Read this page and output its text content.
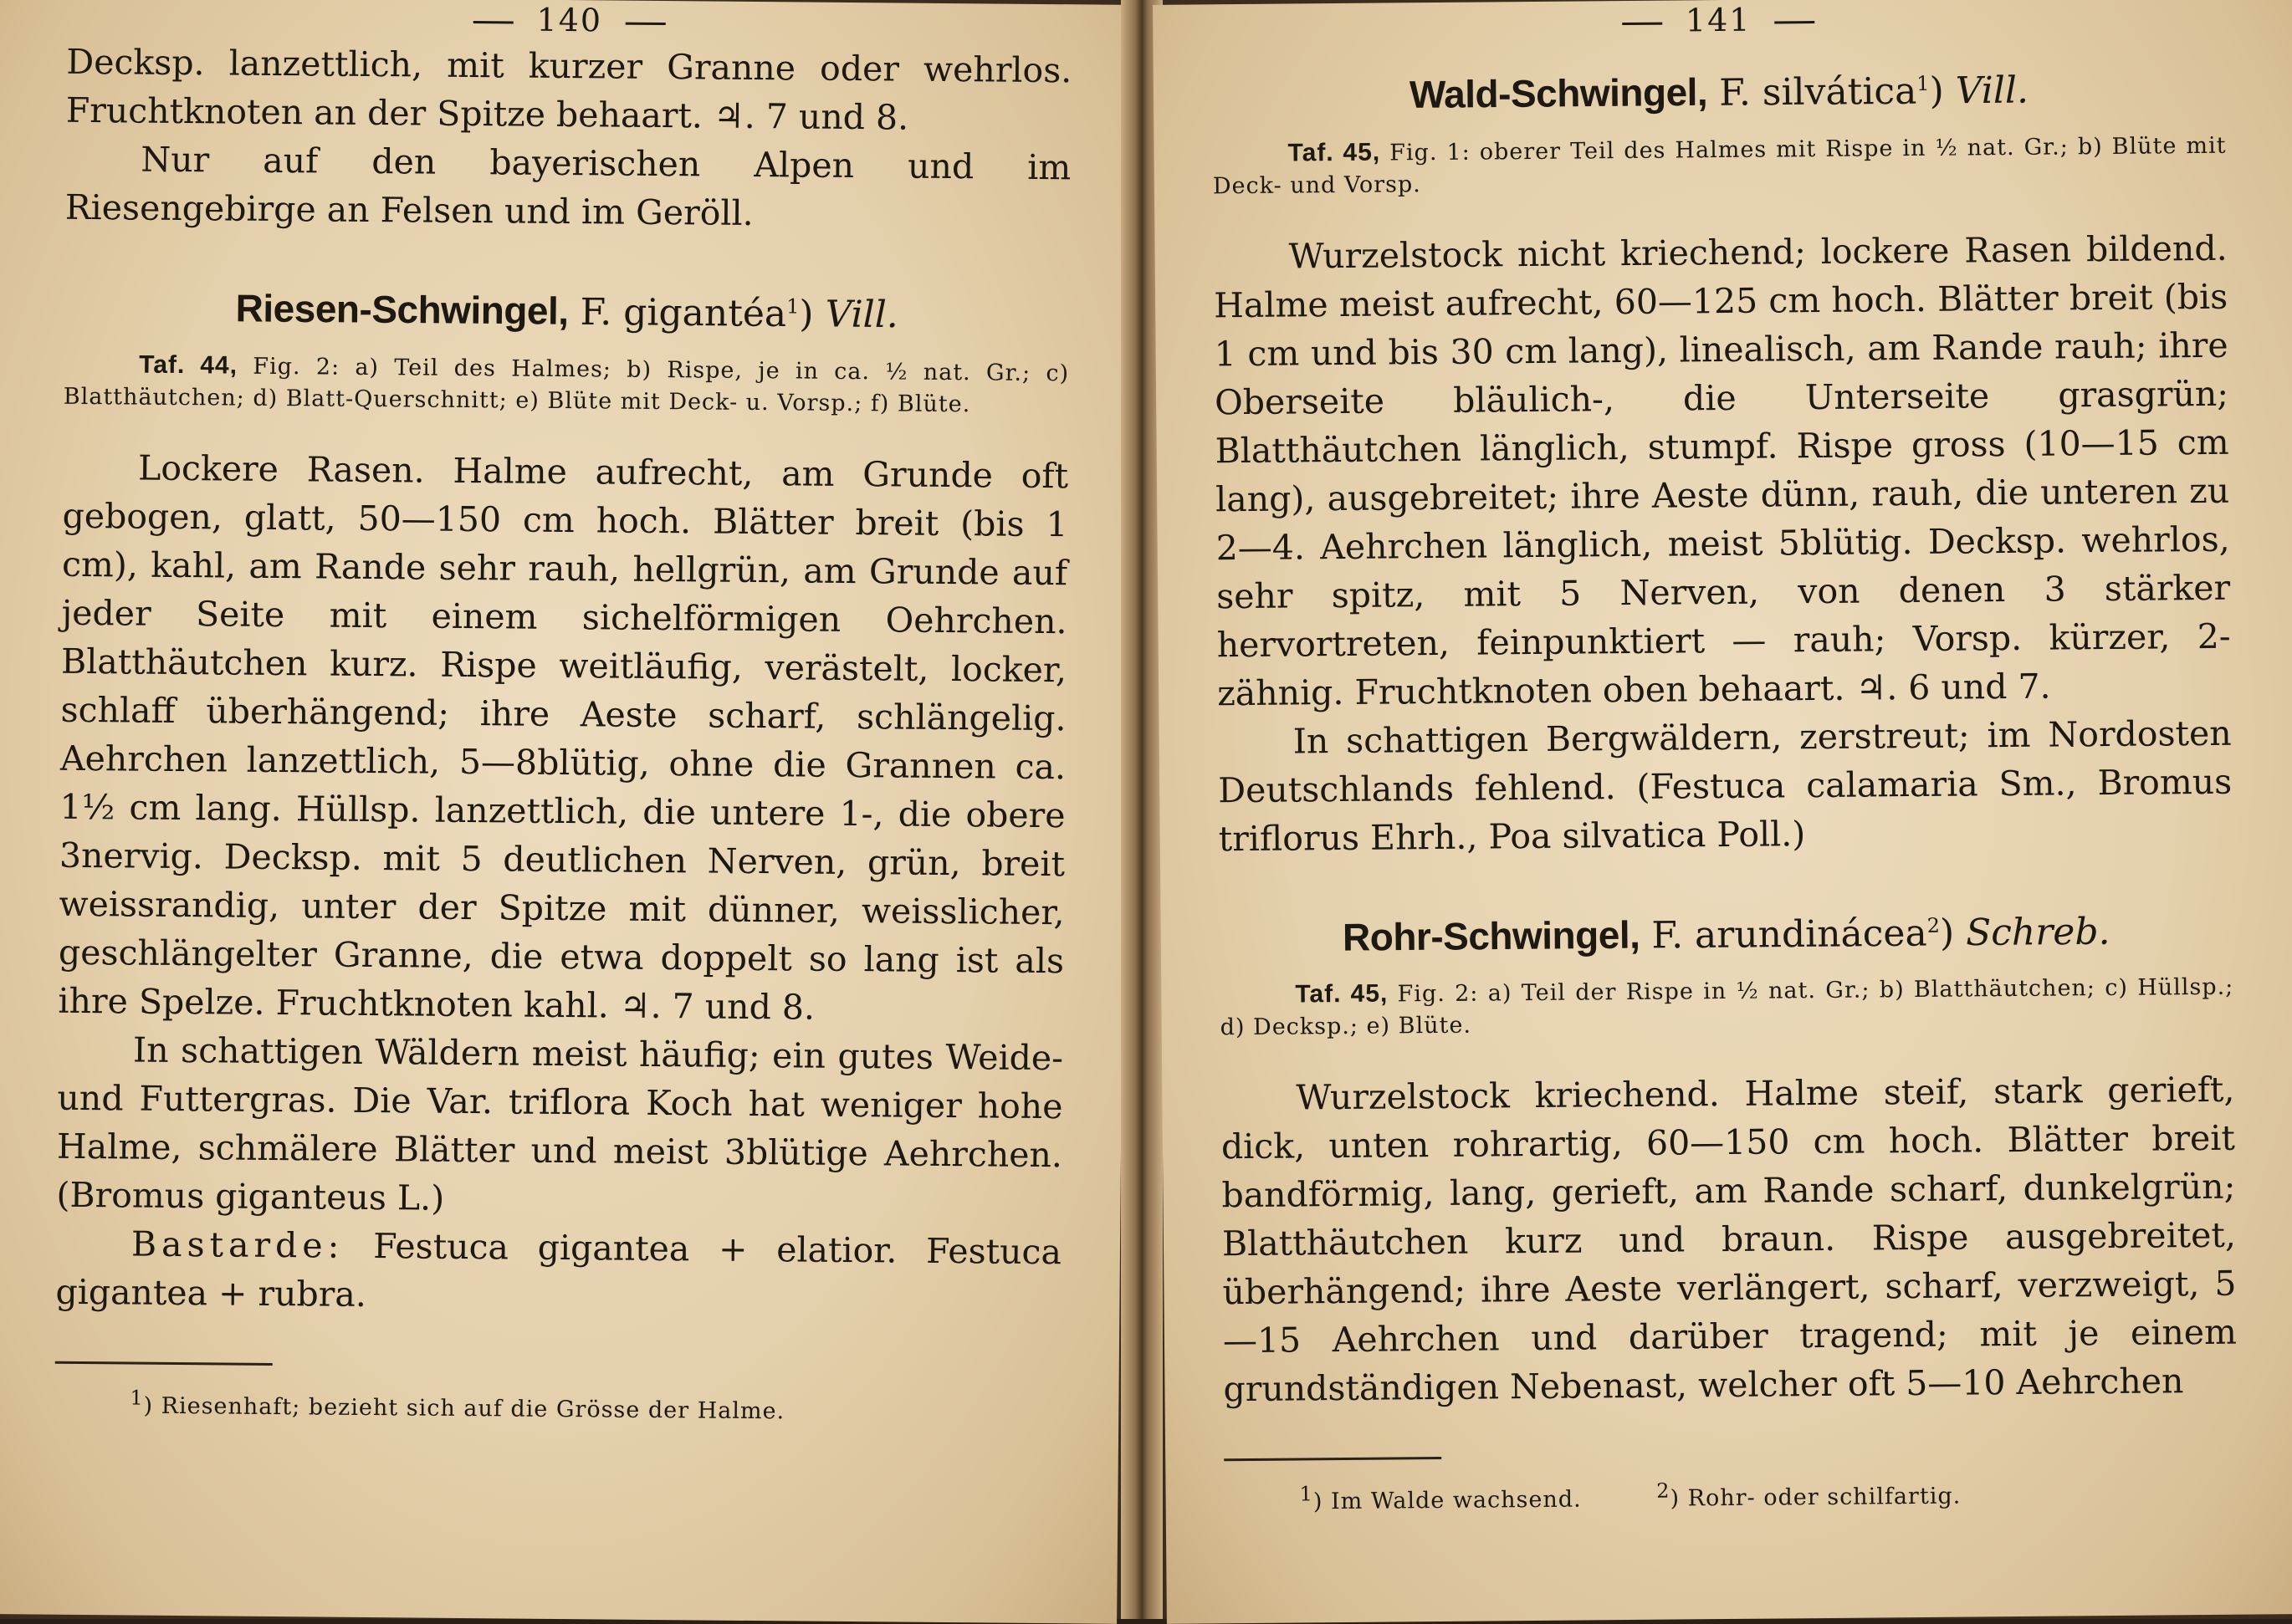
140

Decksp. lanzettlich, mit kurzer Granne oder wehrlos. Fruchtknoten an der Spitze behaart. ♃. 7 und 8.

Nur auf den bayerischen Alpen und im Riesengebirge an Felsen und im Geröll.

Riesen-Schwingel, F. gigantéa$^1$) Vill.

Taf. 44, Fig. 2: a) Teil des Halmes; b) Rispe, je in ca. ½ nat. Gr.; c) Blatthäutchen; d) Blatt-Querschnitt; e) Blüte mit Deck- u. Vorsp.; f) Blüte.

Lockere Rasen. Halme aufrecht, am Grunde oft gebogen, glatt, 50—150 cm hoch. Blätter breit (bis 1 cm), kahl, am Rande sehr rauh, hellgrün, am Grunde auf jeder Seite mit einem sichelförmigen Oehrchen. Blatthäutchen kurz. Rispe weitläufig, verästelt, locker, schlaff überhängend; ihre Aeste scharf, schlängelig. Aehrchen lanzettlich, 5—8blütig, ohne die Grannen ca. 1½ cm lang. Hüllsp. lanzettlich, die untere 1-, die obere 3nervig. Decksp. mit 5 deutlichen Nerven, grün, breit weissrandig, unter der Spitze mit dünner, weisslicher, geschlängelter Granne, die etwa doppelt so lang ist als ihre Spelze. Fruchtknoten kahl. ♃. 7 und 8.

In schattigen Wäldern meist häufig; ein gutes Weide- und Futtergras. Die Var. triflora Koch hat weniger hohe Halme, schmälere Blätter und meist 3blütige Aehrchen. (Bromus giganteus L.)

Bastarde: Festuca gigantea + elatior. Festuca gigantea + rubra.

$^1$) Riesenhaft; bezieht sich auf die Grösse der Halme.
141
Wald-Schwingel, F. silvática$^1$) Vill.

Taf. 45, Fig. 1: oberer Teil des Halmes mit Rispe in ½ nat. Gr.; b) Blüte mit Deck- und Vorsp.

Wurzelstock nicht kriechend; lockere Rasen bildend. Halme meist aufrecht, 60—125 cm hoch. Blätter breit (bis 1 cm und bis 30 cm lang), linealisch, am Rande rauh; ihre Oberseite bläulich-, die Unterseite grasgrün; Blatthäutchen länglich, stumpf. Rispe gross (10—15 cm lang), ausgebreitet; ihre Aeste dünn, rauh, die unteren zu 2—4. Aehrchen länglich, meist 5blütig. Decksp. wehrlos, sehr spitz, mit 5 Nerven, von denen 3 stärker hervortreten, feinpunktiert — rauh; Vorsp. kürzer, 2-zähnig. Fruchtknoten oben behaart. ♃. 6 und 7.

In schattigen Bergwäldern, zerstreut; im Nordosten Deutschlands fehlend. (Festuca calamaria Sm., Bromus triflorus Ehrh., Poa silvatica Poll.)

Rohr-Schwingel, F. arundinácea$^2$) Schreb.

Taf. 45, Fig. 2: a) Teil der Rispe in ½ nat. Gr.; b) Blatthäutchen; c) Hüllsp.; d) Decksp.; e) Blüte.

Wurzelstock kriechend. Halme steif, stark gerieft, dick, unten rohrartig, 60—150 cm hoch. Blätter breit bandförmig, lang, gerieft, am Rande scharf, dunkelgrün; Blatthäutchen kurz und braun. Rispe ausgebreitet, überhängend; ihre Aeste verlängert, scharf, verzweigt, 5—15 Aehrchen und darüber tragend; mit je einem grundständigen Nebenast, welcher oft 5—10 Aehrchen

$^1$) Im Walde wachsend.	$^2$) Rohr- oder schilfartig.
